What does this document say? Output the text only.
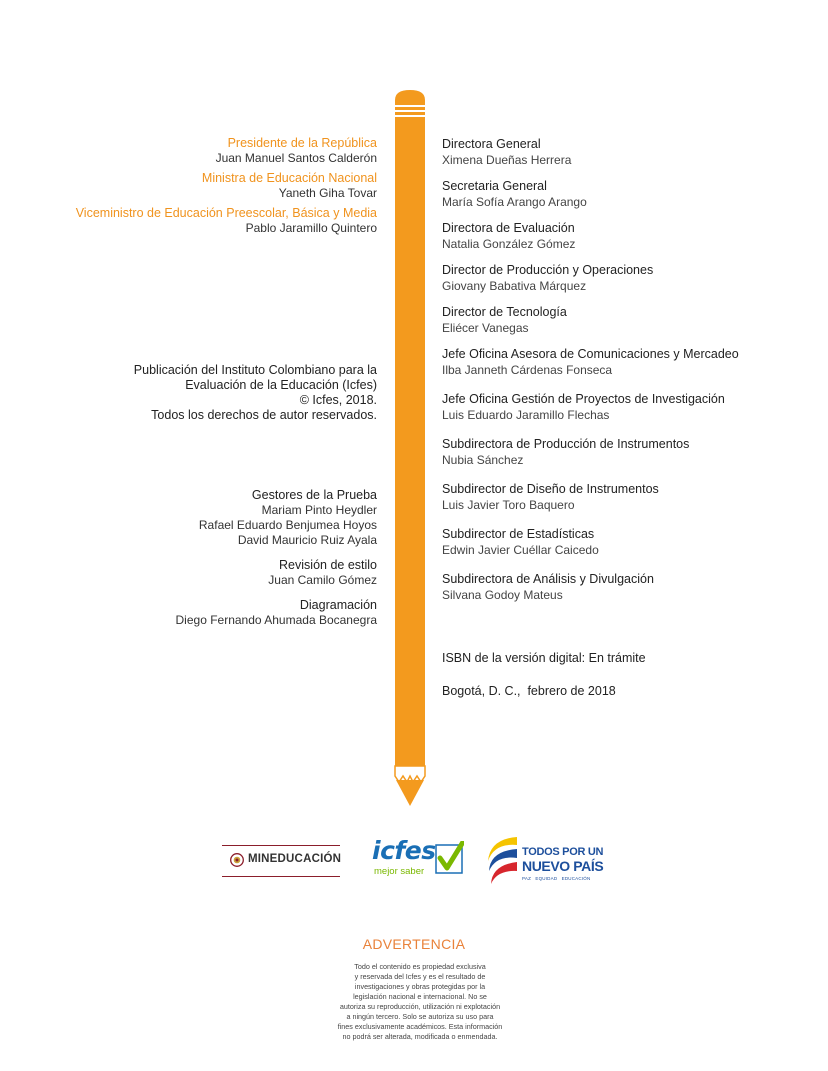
Presidente de la República
Juan Manuel Santos Calderón
Ministra de Educación Nacional
Yaneth Giha Tovar
Viceministro de Educación Preescolar, Básica y Media
Pablo Jaramillo Quintero
Publicación del Instituto Colombiano para la
Evaluación de la Educación (Icfes)
© Icfes, 2018.
Todos los derechos de autor reservados.
Gestores de la Prueba
Mariam Pinto Heydler
Rafael Eduardo Benjumea Hoyos
David Mauricio Ruiz Ayala
Revisión de estilo
Juan Camilo Gómez
Diagramación
Diego Fernando Ahumada Bocanegra
Directora General
Ximena Dueñas Herrera
Secretaria General
María Sofía Arango Arango
Directora de Evaluación
Natalia González Gómez
Director de Producción y Operaciones
Giovany Babativa Márquez
Director de Tecnología
Eliécer Vanegas
Jefe Oficina Asesora de Comunicaciones y Mercadeo
Ilba Janneth Cárdenas Fonseca
Jefe Oficina Gestión de Proyectos de Investigación
Luis Eduardo Jaramillo Flechas
Subdirectora de Producción de Instrumentos
Nubia Sánchez
Subdirector de Diseño de Instrumentos
Luis Javier Toro Baquero
Subdirector de Estadísticas
Edwin Javier Cuéllar Caicedo
Subdirectora de Análisis y Divulgación
Silvana Godoy Mateus
ISBN de la versión digital: En trámite
Bogotá, D. C.,  febrero de 2018
MINEDUCACIÓN icfes
mejor saber
TODOS POR UN
NUEVO PAÍS
PAZ   EQUIDAD   EDUCACIÓN
ADVERTENCIA
Todo el contenido es propiedad exclusiva
y reservada del Icfes y es el resultado de
investigaciones y obras protegidas por la
legislación nacional e internacional. No se
autoriza su reproducción, utilización ni explotación
a ningún tercero. Solo se autoriza su uso para
fines exclusivamente académicos. Esta información
no podrá ser alterada, modificada o enmendada.
